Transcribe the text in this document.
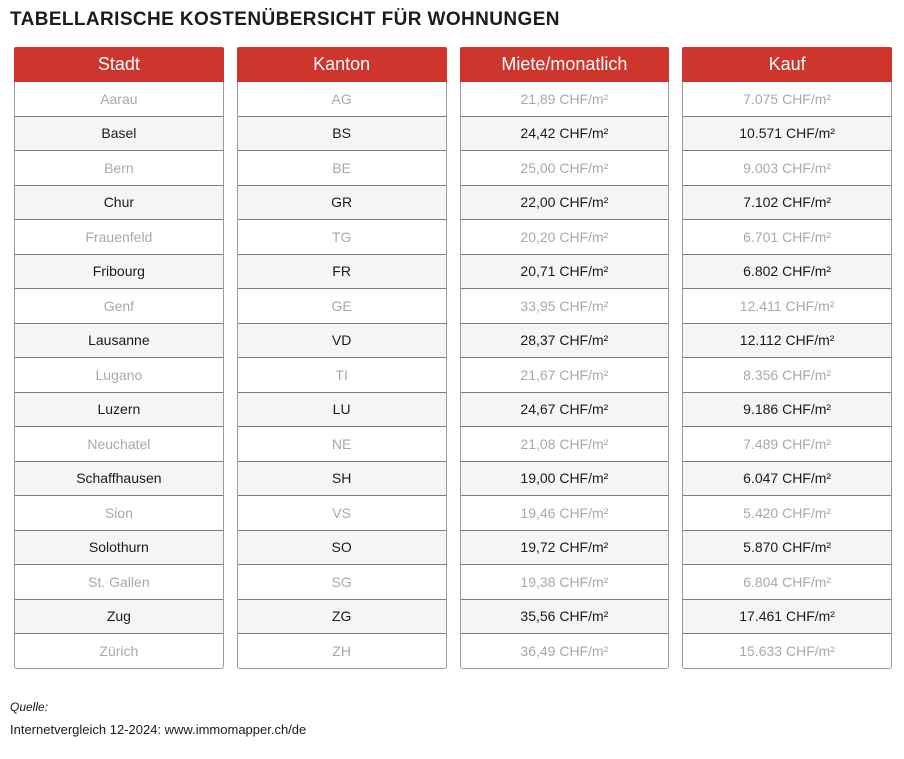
TABELLARISCHE KOSTENÜBERSICHT FÜR WOHNUNGEN
Stadt
Aarau
Basel
Bern
Chur
Frauenfeld
Fribourg
Genf
Lausanne
Lugano
Luzern
Neuchatel
Schaffhausen
Sion
Solothurn
St. Gallen
Zug
Zürich
Kanton
AG
BS
BE
GR
TG
FR
GE
VD
TI
LU
NE
SH
VS
SO
SG
ZG
ZH
Miete/monatlich
21,89 CHF/m²
24,42 CHF/m²
25,00 CHF/m²
22,00 CHF/m²
20,20 CHF/m²
20,71 CHF/m²
33,95 CHF/m²
28,37 CHF/m²
21,67 CHF/m²
24,67 CHF/m²
21,08 CHF/m²
19,00 CHF/m²
19,46 CHF/m²
19,72 CHF/m²
19,38 CHF/m²
35,56 CHF/m²
36,49 CHF/m²
Kauf
7.075 CHF/m²
10.571 CHF/m²
9.003 CHF/m²
7.102 CHF/m²
6.701 CHF/m²
6.802 CHF/m²
12.411 CHF/m²
12.112 CHF/m²
8.356 CHF/m²
9.186 CHF/m²
7.489 CHF/m²
6.047 CHF/m²
5.420 CHF/m²
5.870 CHF/m²
6.804 CHF/m²
17.461 CHF/m²
15.633 CHF/m²
Quelle:
Internetvergleich 12-2024: www.immomapper.ch/de
